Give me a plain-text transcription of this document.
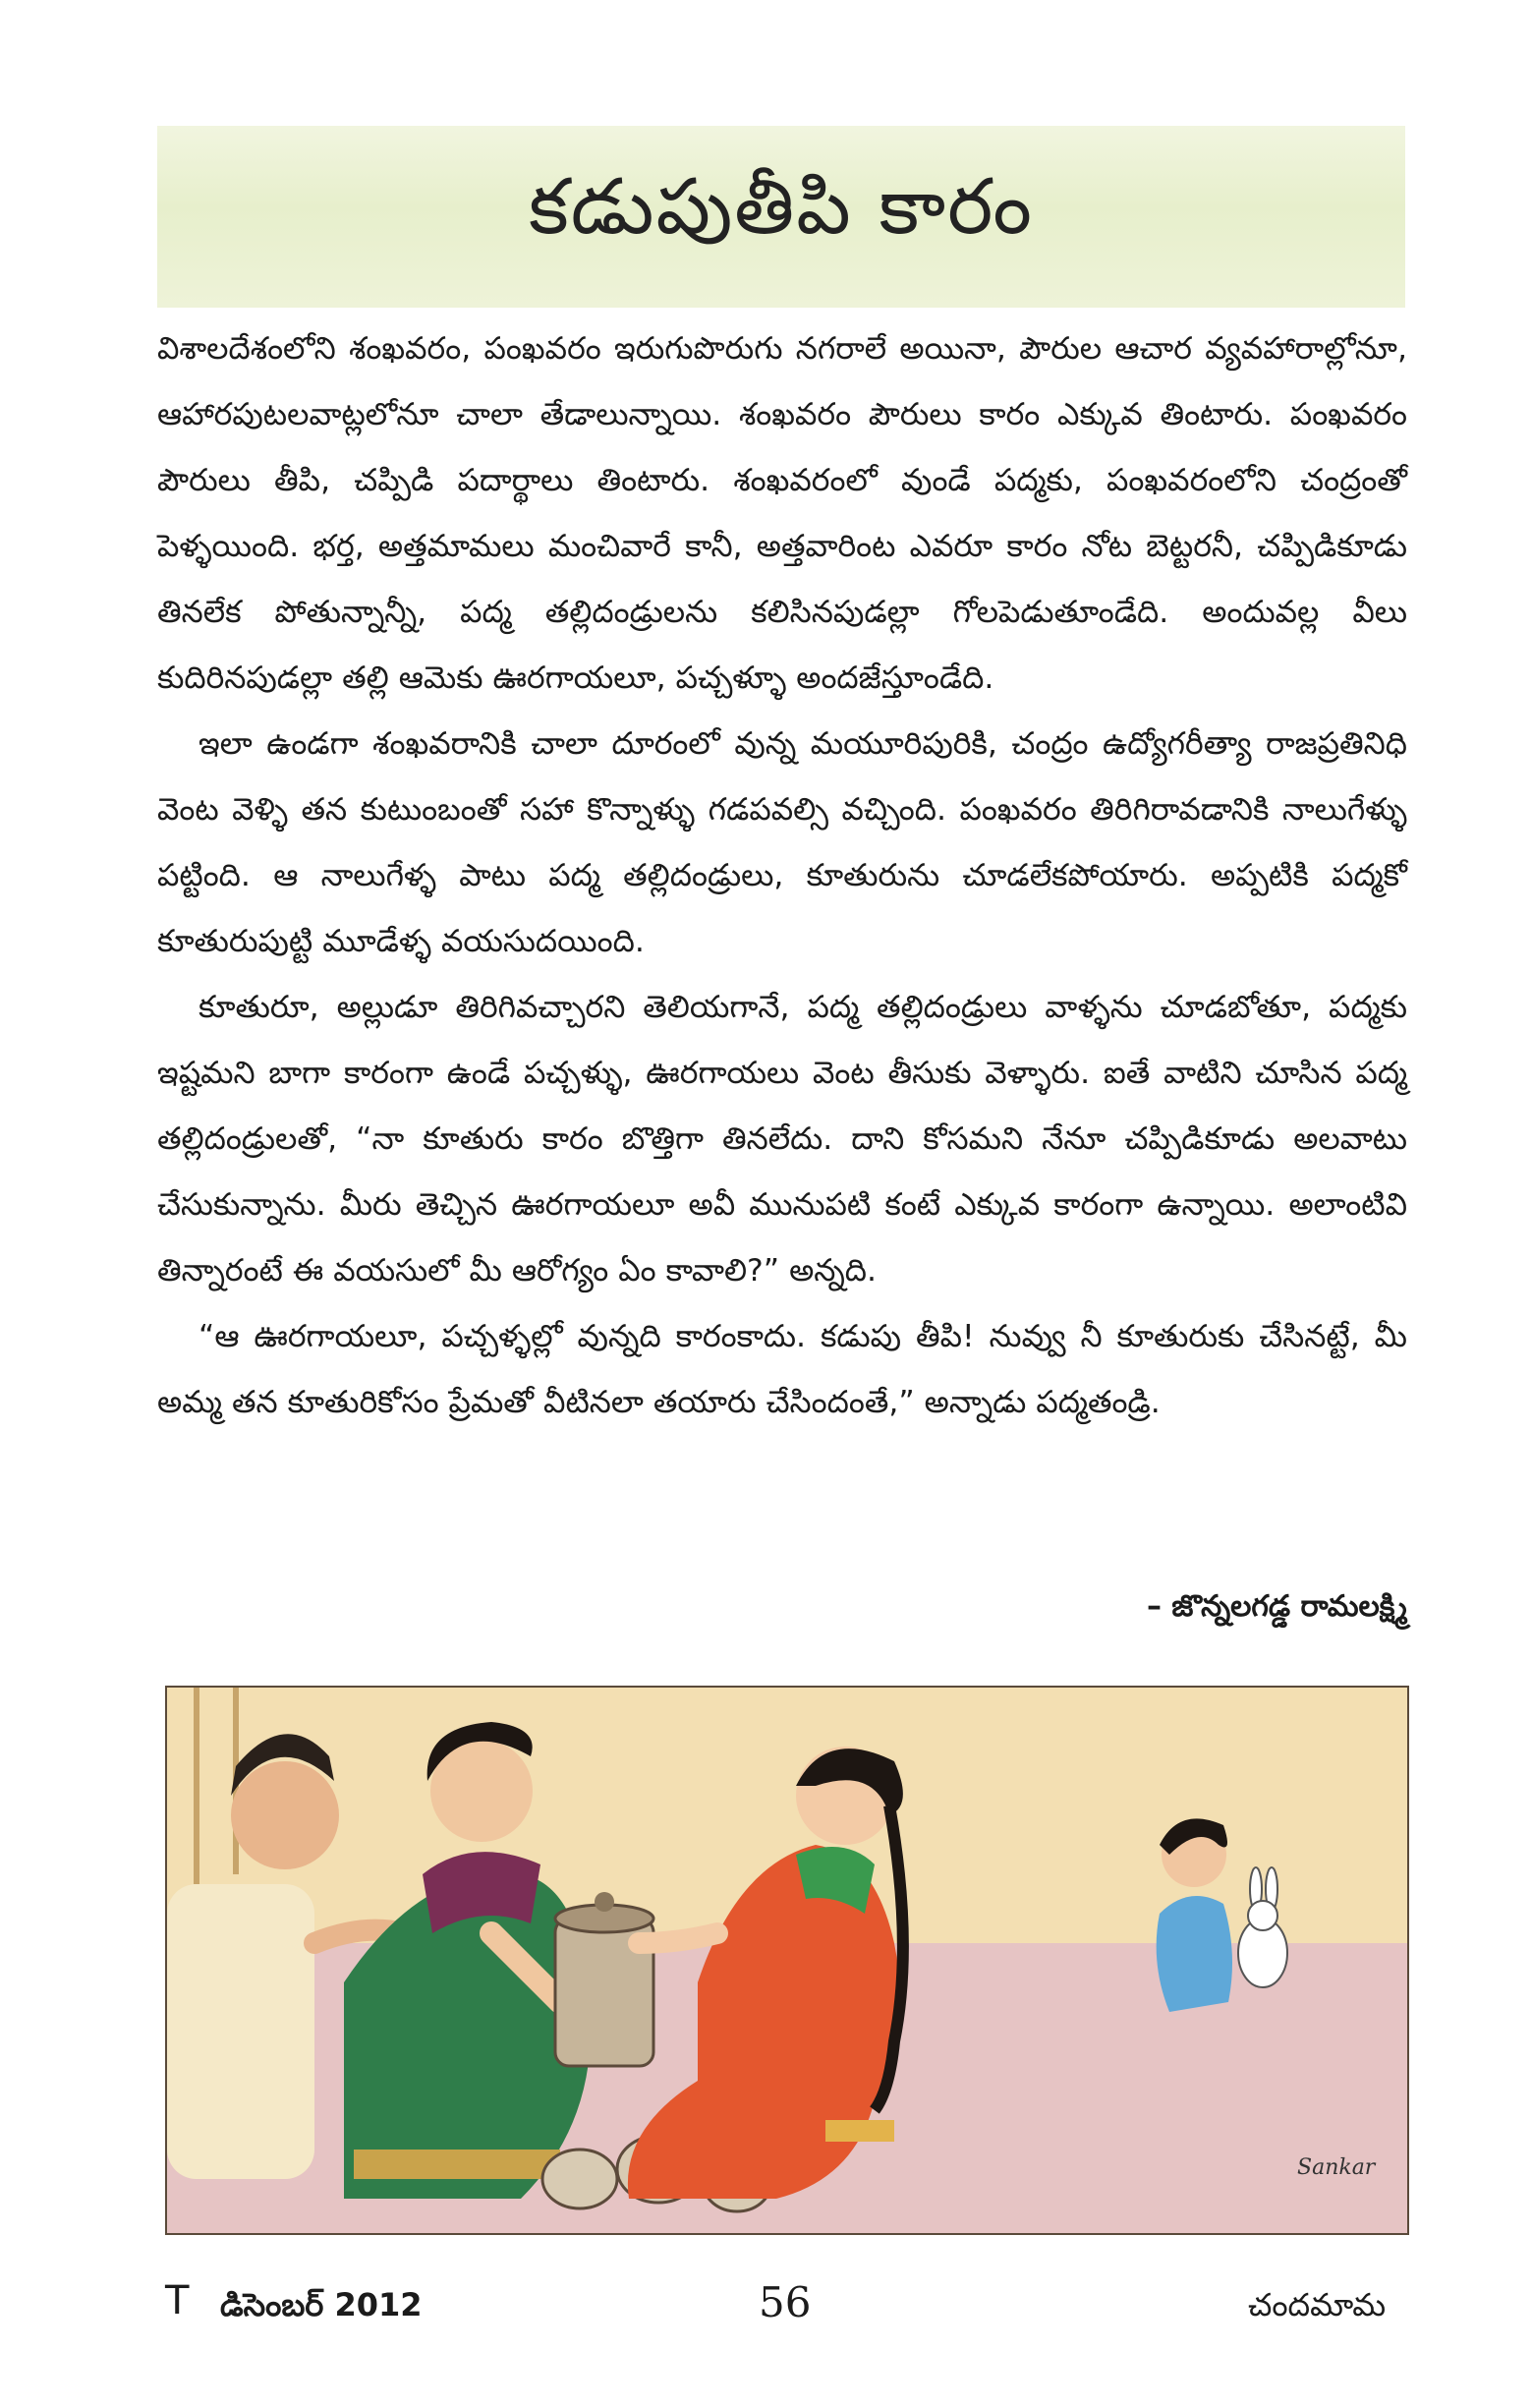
కడుపుతీపి కారం

విశాలదేశంలోని శంఖవరం, పంఖవరం ఇరుగుపొరుగు నగరాలే అయినా, పౌరుల ఆచార వ్యవహారాల్లోనూ, ఆహారపుటలవాట్లలోనూ చాలా తేడాలున్నాయి. శంఖవరం పౌరులు కారం ఎక్కువ తింటారు. పంఖవరం పౌరులు తీపి, చప్పిడి పదార్థాలు తింటారు. శంఖవరంలో వుండే పద్మకు, పంఖవరంలోని చంద్రంతో పెళ్ళయింది. భర్త, అత్తమామలు మంచివారే కానీ, అత్తవారింట ఎవరూ కారం నోట బెట్టరనీ, చప్పిడికూడు తినలేక పోతున్నాన్నీ, పద్మ తల్లిదండ్రులను కలిసినపుడల్లా గోలపెడుతూండేది. అందువల్ల వీలు కుదిరినపుడల్లా తల్లి ఆమెకు ఊరగాయలూ, పచ్చళ్ళూ అందజేస్తూండేది.

ఇలా ఉండగా శంఖవరానికి చాలా దూరంలో వున్న మయూరిపురికి, చంద్రం ఉద్యోగరీత్యా రాజప్రతినిధి వెంట వెళ్ళి తన కుటుంబంతో సహా కొన్నాళ్ళు గడపవల్సి వచ్చింది. పంఖవరం తిరిగిరావడానికి నాలుగేళ్ళు పట్టింది. ఆ నాలుగేళ్ళ పాటు పద్మ తల్లిదండ్రులు, కూతురును చూడలేకపోయారు. అప్పటికి పద్మకో కూతురుపుట్టి మూడేళ్ళ వయసుదయింది.

కూతురూ, అల్లుడూ తిరిగివచ్చారని తెలియగానే, పద్మ తల్లిదండ్రులు వాళ్ళను చూడబోతూ, పద్మకు ఇష్టమని బాగా కారంగా ఉండే పచ్చళ్ళు, ఊరగాయలు వెంట తీసుకు వెళ్ళారు. ఐతే వాటిని చూసిన పద్మ తల్లిదండ్రులతో, “నా కూతురు కారం బొత్తిగా తినలేదు. దాని కోసమని నేనూ చప్పిడికూడు అలవాటు చేసుకున్నాను. మీరు తెచ్చిన ఊరగాయలూ అవీ మునుపటి కంటే ఎక్కువ కారంగా ఉన్నాయి. అలాంటివి తిన్నారంటే ఈ వయసులో మీ ఆరోగ్యం ఏం కావాలి?” అన్నది.

“ఆ ఊరగాయలూ, పచ్చళ్ళల్లో వున్నది కారంకాదు. కడుపు తీపి! నువ్వు నీ కూతురుకు చేసినట్టే, మీ అమ్మ తన కూతురికోసం ప్రేమతో వీటినలా తయారు చేసిందంతే,” అన్నాడు పద్మతండ్రి.

– జొన్నలగడ్డ రామలక్ష్మి
Sankar
T డిసెంబర్ 2012	56	చందమామ
